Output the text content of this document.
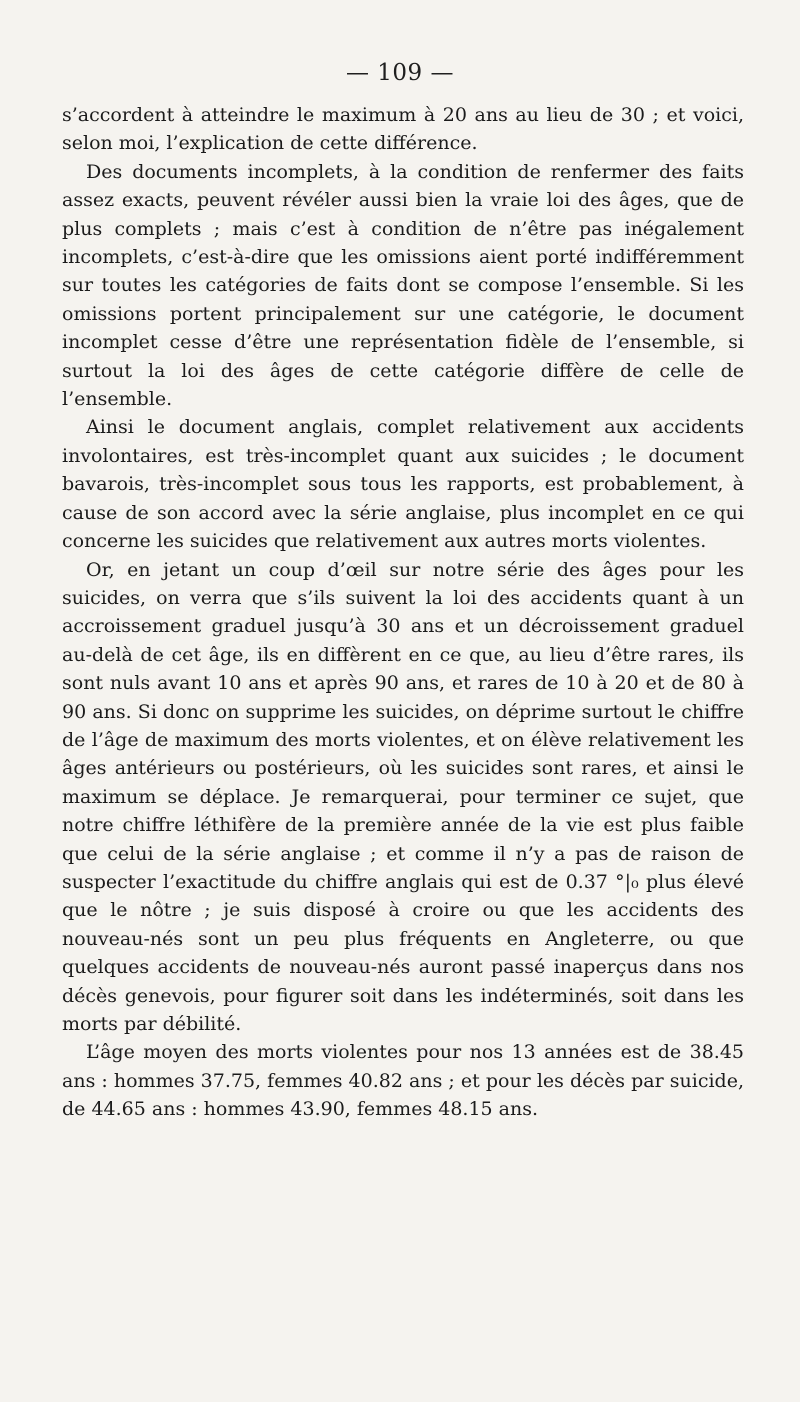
— 109 —

s’accordent à atteindre le maximum à 20 ans au lieu de 30 ; et voici, selon moi, l’explication de cette différence.

Des documents incomplets, à la condition de renfermer des faits assez exacts, peuvent révéler aussi bien la vraie loi des âges, que de plus complets ; mais c’est à condition de n’être pas inégalement incomplets, c’est-à-dire que les omissions aient porté indifféremment sur toutes les catégories de faits dont se compose l’ensemble. Si les omissions portent principalement sur une catégorie, le document incomplet cesse d’être une représentation fidèle de l’ensemble, si surtout la loi des âges de cette catégorie diffère de celle de l’ensemble.

Ainsi le document anglais, complet relativement aux accidents involontaires, est très-incomplet quant aux suicides ; le document bavarois, très-incomplet sous tous les rapports, est probablement, à cause de son accord avec la série anglaise, plus incomplet en ce qui concerne les suicides que relativement aux autres morts violentes.

Or, en jetant un coup d’œil sur notre série des âges pour les suicides, on verra que s’ils suivent la loi des accidents quant à un accroissement graduel jusqu’à 30 ans et un décroissement graduel au-delà de cet âge, ils en diffèrent en ce que, au lieu d’être rares, ils sont nuls avant 10 ans et après 90 ans, et rares de 10 à 20 et de 80 à 90 ans. Si donc on supprime les suicides, on déprime surtout le chiffre de l’âge de maximum des morts violentes, et on élève relativement les âges antérieurs ou postérieurs, où les suicides sont rares, et ainsi le maximum se déplace. Je remarquerai, pour terminer ce sujet, que notre chiffre léthifère de la première année de la vie est plus faible que celui de la série anglaise ; et comme il n’y a pas de raison de suspecter l’exactitude du chiffre anglais qui est de 0.37 °|₀ plus élevé que le nôtre ; je suis disposé à croire ou que les accidents des nouveau-nés sont un peu plus fréquents en Angleterre, ou que quelques accidents de nouveau-nés auront passé inaperçus dans nos décès genevois, pour figurer soit dans les indéterminés, soit dans les morts par débilité.

L’âge moyen des morts violentes pour nos 13 années est de 38.45 ans : hommes 37.75, femmes 40.82 ans ; et pour les décès par suicide, de 44.65 ans : hommes 43.90, femmes 48.15 ans.
